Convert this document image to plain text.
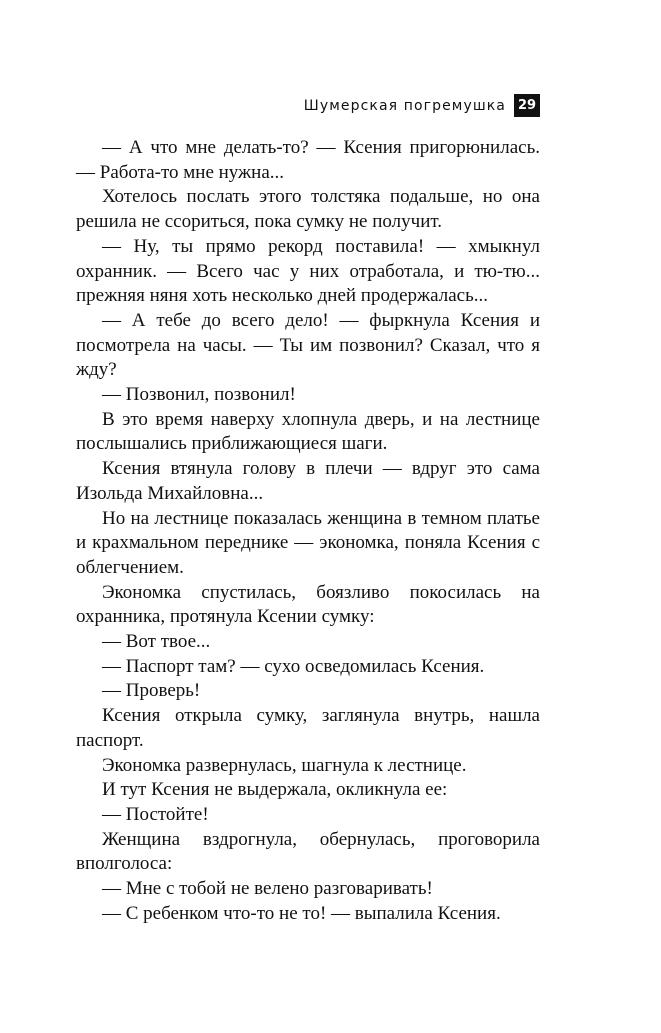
Шумерская погремушка 29

— А что мне делать-то? — Ксения пригорюнилась. — Работа-то мне нужна...

Хотелось послать этого толстяка подальше, но она решила не ссориться, пока сумку не получит.

— Ну, ты прямо рекорд поставила! — хмыкнул охранник. — Всего час у них отработала, и тю-тю... прежняя няня хоть несколько дней продержалась...

— А тебе до всего дело! — фыркнула Ксения и посмотрела на часы. — Ты им позвонил? Сказал, что я жду?

— Позвонил, позвонил!

В это время наверху хлопнула дверь, и на лестнице послышались приближающиеся шаги.

Ксения втянула голову в плечи — вдруг это сама Изольда Михайловна...

Но на лестнице показалась женщина в темном платье и крахмальном переднике — экономка, поняла Ксения с облегчением.

Экономка спустилась, боязливо покосилась на охранника, протянула Ксении сумку:

— Вот твое...

— Паспорт там? — сухо осведомилась Ксения.

— Проверь!

Ксения открыла сумку, заглянула внутрь, нашла паспорт.

Экономка развернулась, шагнула к лестнице.

И тут Ксения не выдержала, окликнула ее:

— Постойте!

Женщина вздрогнула, обернулась, проговорила вполголоса:

— Мне с тобой не велено разговаривать!

— С ребенком что-то не то! — выпалила Ксения.
